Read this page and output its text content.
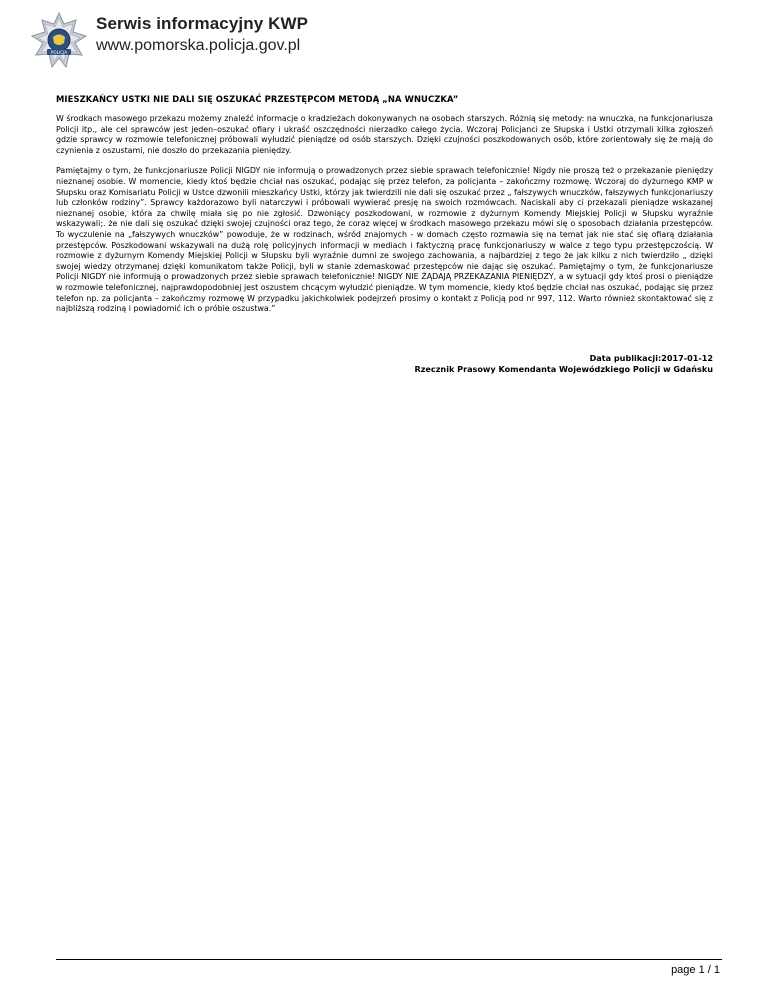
POLICJA
Serwis informacyjny KWP
www.pomorska.policja.gov.pl
MIESZKAŃCY USTKI NIE DALI SIĘ OSZUKAĆ PRZESTĘPCOM METODĄ „NA WNUCZKA”

W środkach masowego przekazu możemy znaleźć informacje o kradzieżach dokonywanych na osobach starszych. Różnią się metody: na wnuczka, na funkcjonariusza Policji itp., ale cel sprawców jest jeden–oszukać ofiary i ukraść oszczędności nierzadko całego życia. Wczoraj Policjanci ze Słupska i Ustki otrzymali kilka zgłoszeń gdzie sprawcy w rozmowie telefonicznej próbowali wyłudzić pieniądze od osób starszych. Dzięki czujności poszkodowanych osób, które zorientowały się że mają do czynienia z oszustami, nie doszło do przekazania pieniędzy.

Pamiętajmy o tym, że funkcjonariusze Policji NIGDY nie informują o prowadzonych przez siebie sprawach telefonicznie! Nigdy nie proszą też o przekazanie pieniędzy nieznanej osobie. W momencie, kiedy ktoś będzie chciał nas oszukać, podając się przez telefon, za policjanta – zakończmy rozmowę. Wczoraj do dyżurnego KMP w Słupsku oraz Komisariatu Policji w Ustce dzwonili mieszkańcy Ustki, którzy jak twierdzili nie dali się oszukać przez „ fałszywych wnuczków, fałszywych funkcjonariuszy lub członków rodziny”. Sprawcy każdorazowo byli natarczywi i próbowali wywierać presję na swoich rozmówcach. Naciskali aby ci przekazali pieniądze wskazanej nieznanej osobie, która za chwilę miała się po nie zgłosić. Dzwoniący poszkodowani, w rozmowie z dyżurnym Komendy Miejskiej Policji w Słupsku wyraźnie wskazywali;. że nie dali się oszukać dzięki swojej czujności oraz tego, że coraz więcej w środkach masowego przekazu mówi się o sposobach działania przestępców. To wyczulenie na „fałszywych wnuczków” powoduje, że w rodzinach, wśród znajomych - w domach często rozmawia się na temat jak nie stać się ofiarą działania przestępców. Poszkodowani wskazywali na dużą rolę policyjnych informacji w mediach i faktyczną pracę funkcjonariuszy w walce z tego typu przestępczością. W rozmowie z dyżurnym Komendy Miejskiej Policji w Słupsku byli wyraźnie dumni ze swojego zachowania, a najbardziej z tego że jak kilku z nich twierdziło „ dzięki swojej wiedzy otrzymanej dzięki komunikatom także Policji, byli w stanie zdemaskować przestępców nie dając się oszukać. Pamiętajmy o tym, że funkcjonariusze Policji NIGDY nie informują o prowadzonych przez siebie sprawach telefonicznie! NIGDY NIE ŻĄDAJĄ PRZEKAZANIA PIENIĘDZY, a w sytuacji gdy ktoś prosi o pieniądze w rozmowie telefonicznej, najprawdopodobniej jest oszustem chcącym wyłudzić pieniądze. W tym momencie, kiedy ktoś będzie chciał nas oszukać, podając się przez telefon np. za policjanta – zakończmy rozmowę W przypadku jakichkolwiek podejrzeń prosimy o kontakt z Policją pod nr 997, 112. Warto również skontaktować się z najbliższą rodziną i powiadomić ich o próbie oszustwa.”

Data publikacji:2017-01-12
Rzecznik Prasowy Komendanta Wojewódzkiego Policji w Gdańsku
page 1 / 1
